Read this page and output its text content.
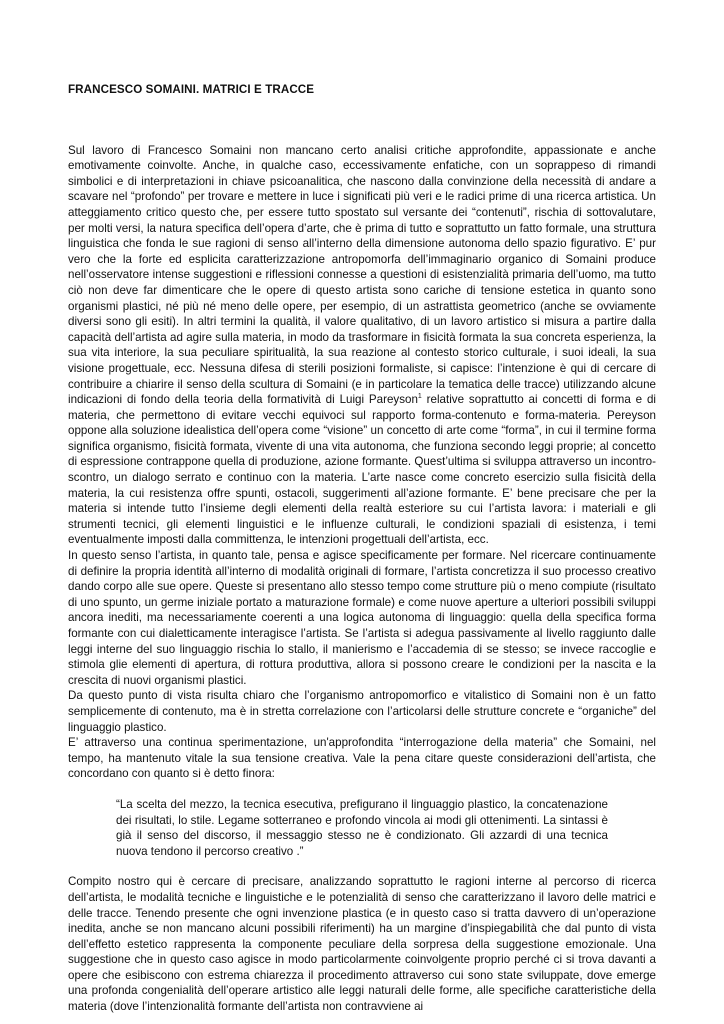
FRANCESCO SOMAINI. MATRICI E TRACCE

Sul lavoro di Francesco Somaini non mancano certo analisi critiche approfondite, appassionate e anche emotivamente coinvolte. Anche, in qualche caso, eccessivamente enfatiche, con un soprappeso di rimandi simbolici e di interpretazioni in chiave psicoanalitica, che nascono dalla convinzione della necessità di andare a scavare nel “profondo” per trovare e mettere in luce i significati più veri e le radici prime di una ricerca artistica. Un atteggiamento critico questo che, per essere tutto spostato sul versante dei “contenuti”, rischia di sottovalutare, per molti versi, la natura specifica dell’opera d’arte, che è prima di tutto e soprattutto un fatto formale, una struttura linguistica che fonda le sue ragioni di senso all’interno della dimensione autonoma dello spazio figurativo. E’ pur vero che la forte ed esplicita caratterizzazione antropomorfa dell’immaginario organico di Somaini produce nell’osservatore intense suggestioni e riflessioni connesse a questioni di esistenzialità primaria dell’uomo, ma tutto ciò non deve far dimenticare che le opere di questo artista sono cariche di tensione estetica in quanto sono organismi plastici, né più né meno delle opere, per esempio, di un astrattista geometrico (anche se ovviamente diversi sono gli esiti). In altri termini la qualità, il valore qualitativo, di un lavoro artistico si misura a partire dalla capacità dell’artista ad agire sulla materia, in modo da trasformare in fisicità formata la sua concreta esperienza, la sua vita interiore, la sua peculiare spiritualità, la sua reazione al contesto storico culturale, i suoi ideali, la sua visione progettuale, ecc. Nessuna difesa di sterili posizioni formaliste, si capisce: l’intenzione è qui di cercare di contribuire a chiarire il senso della scultura di Somaini (e in particolare la tematica delle tracce) utilizzando alcune indicazioni di fondo della teoria della formatività di Luigi Pareyson$^1$ relative soprattutto ai concetti di forma e di materia, che permettono di evitare vecchi equivoci sul rapporto forma-contenuto e forma-materia. Pereyson oppone alla soluzione idealistica dell’opera come “visione” un concetto di arte come “forma”, in cui il termine forma significa organismo, fisicità formata, vivente di una vita autonoma, che funziona secondo leggi proprie; al concetto di espressione contrappone quella di produzione, azione formante. Quest’ultima si sviluppa attraverso un incontro-scontro, un dialogo serrato e continuo con la materia. L’arte nasce come concreto esercizio sulla fisicità della materia, la cui resistenza offre spunti, ostacoli, suggerimenti all’azione formante. E’ bene precisare che per la materia si intende tutto l’insieme degli elementi della realtà esteriore su cui l’artista lavora: i materiali e gli strumenti tecnici, gli elementi linguistici e le influenze culturali, le condizioni spaziali di esistenza, i temi eventualmente imposti dalla committenza, le intenzioni progettuali dell’artista, ecc.

In questo senso l’artista, in quanto tale, pensa e agisce specificamente per formare. Nel ricercare continuamente di definire la propria identità all’interno di modalità originali di formare, l’artista concretizza il suo processo creativo dando corpo alle sue opere. Queste si presentano allo stesso tempo come strutture più o meno compiute (risultato di uno spunto, un germe iniziale portato a maturazione formale) e come nuove aperture a ulteriori possibili sviluppi ancora inediti, ma necessariamente coerenti a una logica autonoma di linguaggio: quella della specifica forma formante con cui dialetticamente interagisce l’artista. Se l’artista si adegua passivamente al livello raggiunto dalle leggi interne del suo linguaggio rischia lo stallo, il manierismo e l’accademia di se stesso; se invece raccoglie e stimola glie elementi di apertura, di rottura produttiva, allora si possono creare le condizioni per la nascita e la crescita di nuovi organismi plastici.

Da questo punto di vista risulta chiaro che l’organismo antropomorfico e vitalistico di Somaini non è un fatto semplicemente di contenuto, ma è in stretta correlazione con l’articolarsi delle strutture concrete e “organiche” del linguaggio plastico.

E’ attraverso una continua sperimentazione, un'approfondita “interrogazione della materia” che Somaini, nel tempo, ha mantenuto vitale la sua tensione creativa. Vale la pena citare queste considerazioni dell’artista, che concordano con quanto si è detto finora:

“La scelta del mezzo, la tecnica esecutiva, prefigurano il linguaggio plastico, la concatenazione dei risultati, lo stile. Legame sotterraneo e profondo vincola ai modi gli ottenimenti. La sintassi è già il senso del discorso, il messaggio stesso ne è condizionato. Gli azzardi di una tecnica nuova tendono il percorso creativo .”

Compito nostro qui è cercare di precisare, analizzando soprattutto le ragioni interne al percorso di ricerca dell’artista, le modalità tecniche e linguistiche e le potenzialità di senso che caratterizzano il lavoro delle matrici e delle tracce. Tenendo presente che ogni invenzione plastica (e in questo caso si tratta davvero di un’operazione inedita, anche se non mancano alcuni possibili riferimenti) ha un margine d’inspiegabilità che dal punto di vista dell’effetto estetico rappresenta la componente peculiare della sorpresa della suggestione emozionale. Una suggestione che in questo caso agisce in modo particolarmente coinvolgente proprio perché ci si trova davanti a opere che esibiscono con estrema chiarezza il procedimento attraverso cui sono state sviluppate, dove emerge una profonda congenialità dell’operare artistico alle leggi naturali delle forme, alle specifiche caratteristiche della materia (dove l’intenzionalità formante dell’artista non contravviene ai
